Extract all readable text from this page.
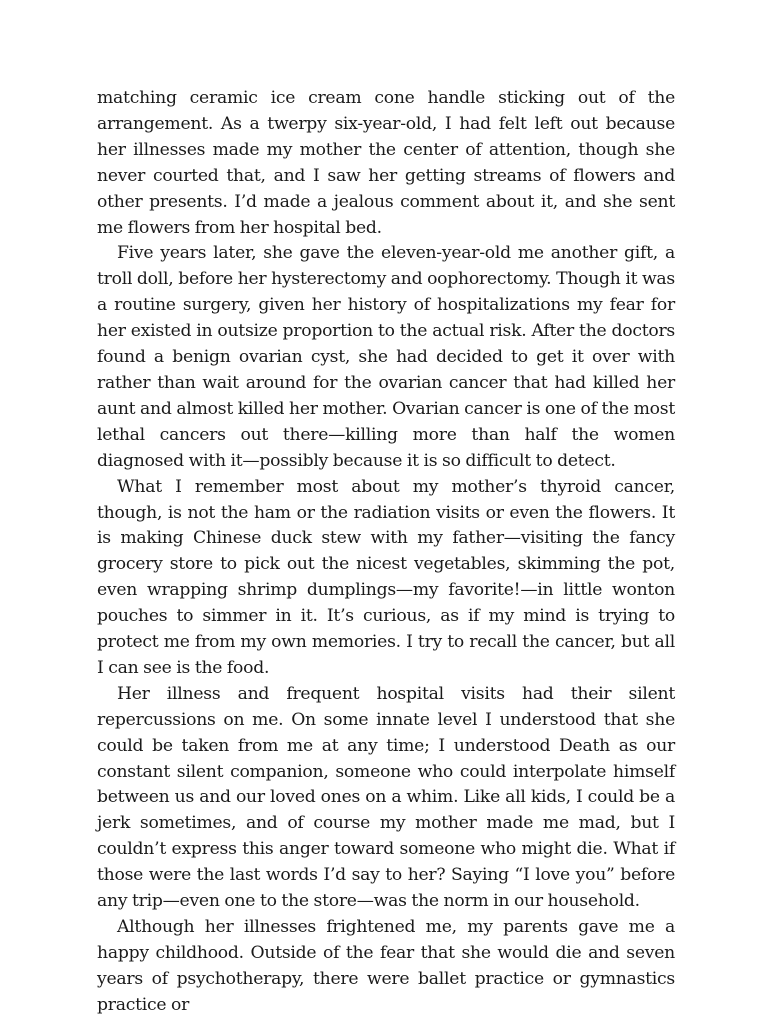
matching ceramic ice cream cone handle sticking out of the arrangement. As a twerpy six-year-old, I had felt left out because her illnesses made my mother the center of attention, though she never courted that, and I saw her getting streams of flowers and other presents. I’d made a jealous comment about it, and she sent me flowers from her hospital bed.

Five years later, she gave the eleven-year-old me another gift, a troll doll, before her hysterectomy and oophorectomy. Though it was a routine surgery, given her history of hospitalizations my fear for her existed in outsize proportion to the actual risk. After the doctors found a benign ovarian cyst, she had decided to get it over with rather than wait around for the ovarian cancer that had killed her aunt and almost killed her mother. Ovarian cancer is one of the most lethal cancers out there—killing more than half the women diagnosed with it—possibly because it is so difficult to detect.

What I remember most about my mother’s thyroid cancer, though, is not the ham or the radiation visits or even the flowers. It is making Chinese duck stew with my father—visiting the fancy grocery store to pick out the nicest vegetables, skimming the pot, even wrapping shrimp dumplings—my favorite!—in little wonton pouches to simmer in it. It’s curious, as if my mind is trying to protect me from my own memories. I try to recall the cancer, but all I can see is the food.

Her illness and frequent hospital visits had their silent repercussions on me. On some innate level I understood that she could be taken from me at any time; I understood Death as our constant silent companion, someone who could interpolate himself between us and our loved ones on a whim. Like all kids, I could be a jerk sometimes, and of course my mother made me mad, but I couldn’t express this anger toward someone who might die. What if those were the last words I’d say to her? Saying “I love you” before any trip—even one to the store—was the norm in our household.

Although her illnesses frightened me, my parents gave me a happy childhood. Outside of the fear that she would die and seven years of psychotherapy, there were ballet practice or gymnastics practice or
